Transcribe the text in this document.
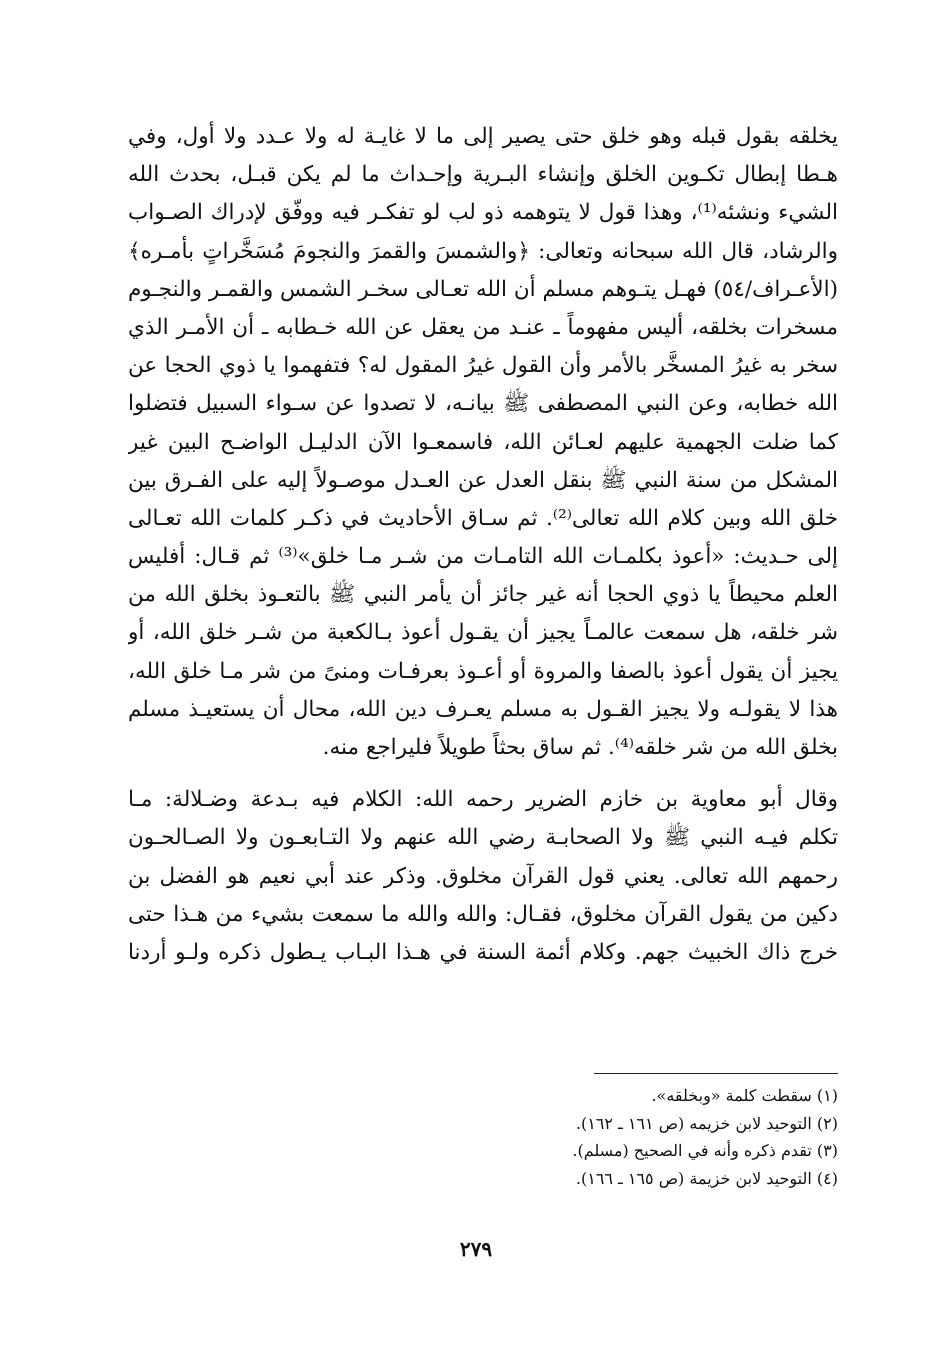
يخلقه بقول قبله وهو خلق حتى يصير إلى ما لا غايـة له ولا عـدد ولا أول، وفي
هـطا إبطال تكـوين الخلق وإنشاء البـرية وإحـداث ما لم يكن قبـل، بحدث الله
الشيء ونشئه⁽¹⁾، وهذا قول لا يتوهمه ذو لب لو تفكـر فيه ووفّق لإدراك الصـواب
والرشاد، قال الله سبحانه وتعالى: ﴿والشمسَ والقمرَ والنجومَ مُسَخَّراتٍ بأمـره﴾
(الأعـراف/٥٤) فهـل يتـوهم مسلم أن الله تعـالى سخـر الشمس والقمـر والنجـوم
مسخرات بخلقه، أليس مفهوماً ـ عنـد من يعقل عن الله خـطابه ـ أن الأمـر الذي
سخر به غيرُ المسخَّر بالأمر وأن القول غيرُ المقول له؟ فتفهموا يا ذوي الحجا عن
الله خطابه، وعن النبي المصطفى ﷺ بيانـه، لا تصدوا عن سـواء السبيل فتضلوا
كما ضلت الجهمية عليهم لعـائن الله، فاسمعـوا الآن الدليـل الواضـح البين غير
المشكل من سنة النبي ﷺ بنقل العدل عن العـدل موصـولاً إليه على الفـرق بين
خلق الله وبين كلام الله تعالى⁽²⁾. ثم سـاق الأحاديث في ذكـر كلمات الله تعـالى
إلى حـديث: «أعوذ بكلمـات الله التامـات من شـر مـا خلق»⁽³⁾ ثم قـال: أفليس
العلم محيطاً يا ذوي الحجا أنه غير جائز أن يأمر النبي ﷺ بالتعـوذ بخلق الله من
شر خلقه، هل سمعت عالمـاً يجيز أن يقـول أعوذ بـالكعبة من شـر خلق الله، أو
يجيز أن يقول أعوذ بالصفا والمروة أو أعـوذ بعرفـات ومنىً من شر مـا خلق الله،
هذا لا يقولـه ولا يجيز القـول به مسلم يعـرف دين الله، محال أن يستعيـذ مسلم
بخلق الله من شر خلقه⁽⁴⁾. ثم ساق بحثاً طويلاً فليراجع منه.
وقال أبو معاوية بن خازم الضرير رحمه الله: الكلام فيه بـدعة وضـلالة: مـا
تكلم فيـه النبي ﷺ ولا الصحابـة رضي الله عنهم ولا التـابعـون ولا الصـالحـون
رحمهم الله تعالى. يعني قول القرآن مخلوق. وذكر عند أبي نعيم هو الفضل بن
دكين من يقول القرآن مخلوق، فقـال: والله والله ما سمعت بشيء من هـذا حتى
خرج ذاك الخبيث جهم. وكلام أئمة السنة في هـذا البـاب يـطول ذكره ولـو أردنا
(١) سقطت كلمة «وبخلقه».
(٢) التوحيد لابن خزيمه (ص ١٦١ ـ ١٦٢).
(٣) تقدم ذكره وأنه في الصحيح (مسلم).
(٤) التوحيد لابن خزيمة (ص ١٦٥ ـ ١٦٦).
٢٧٩
